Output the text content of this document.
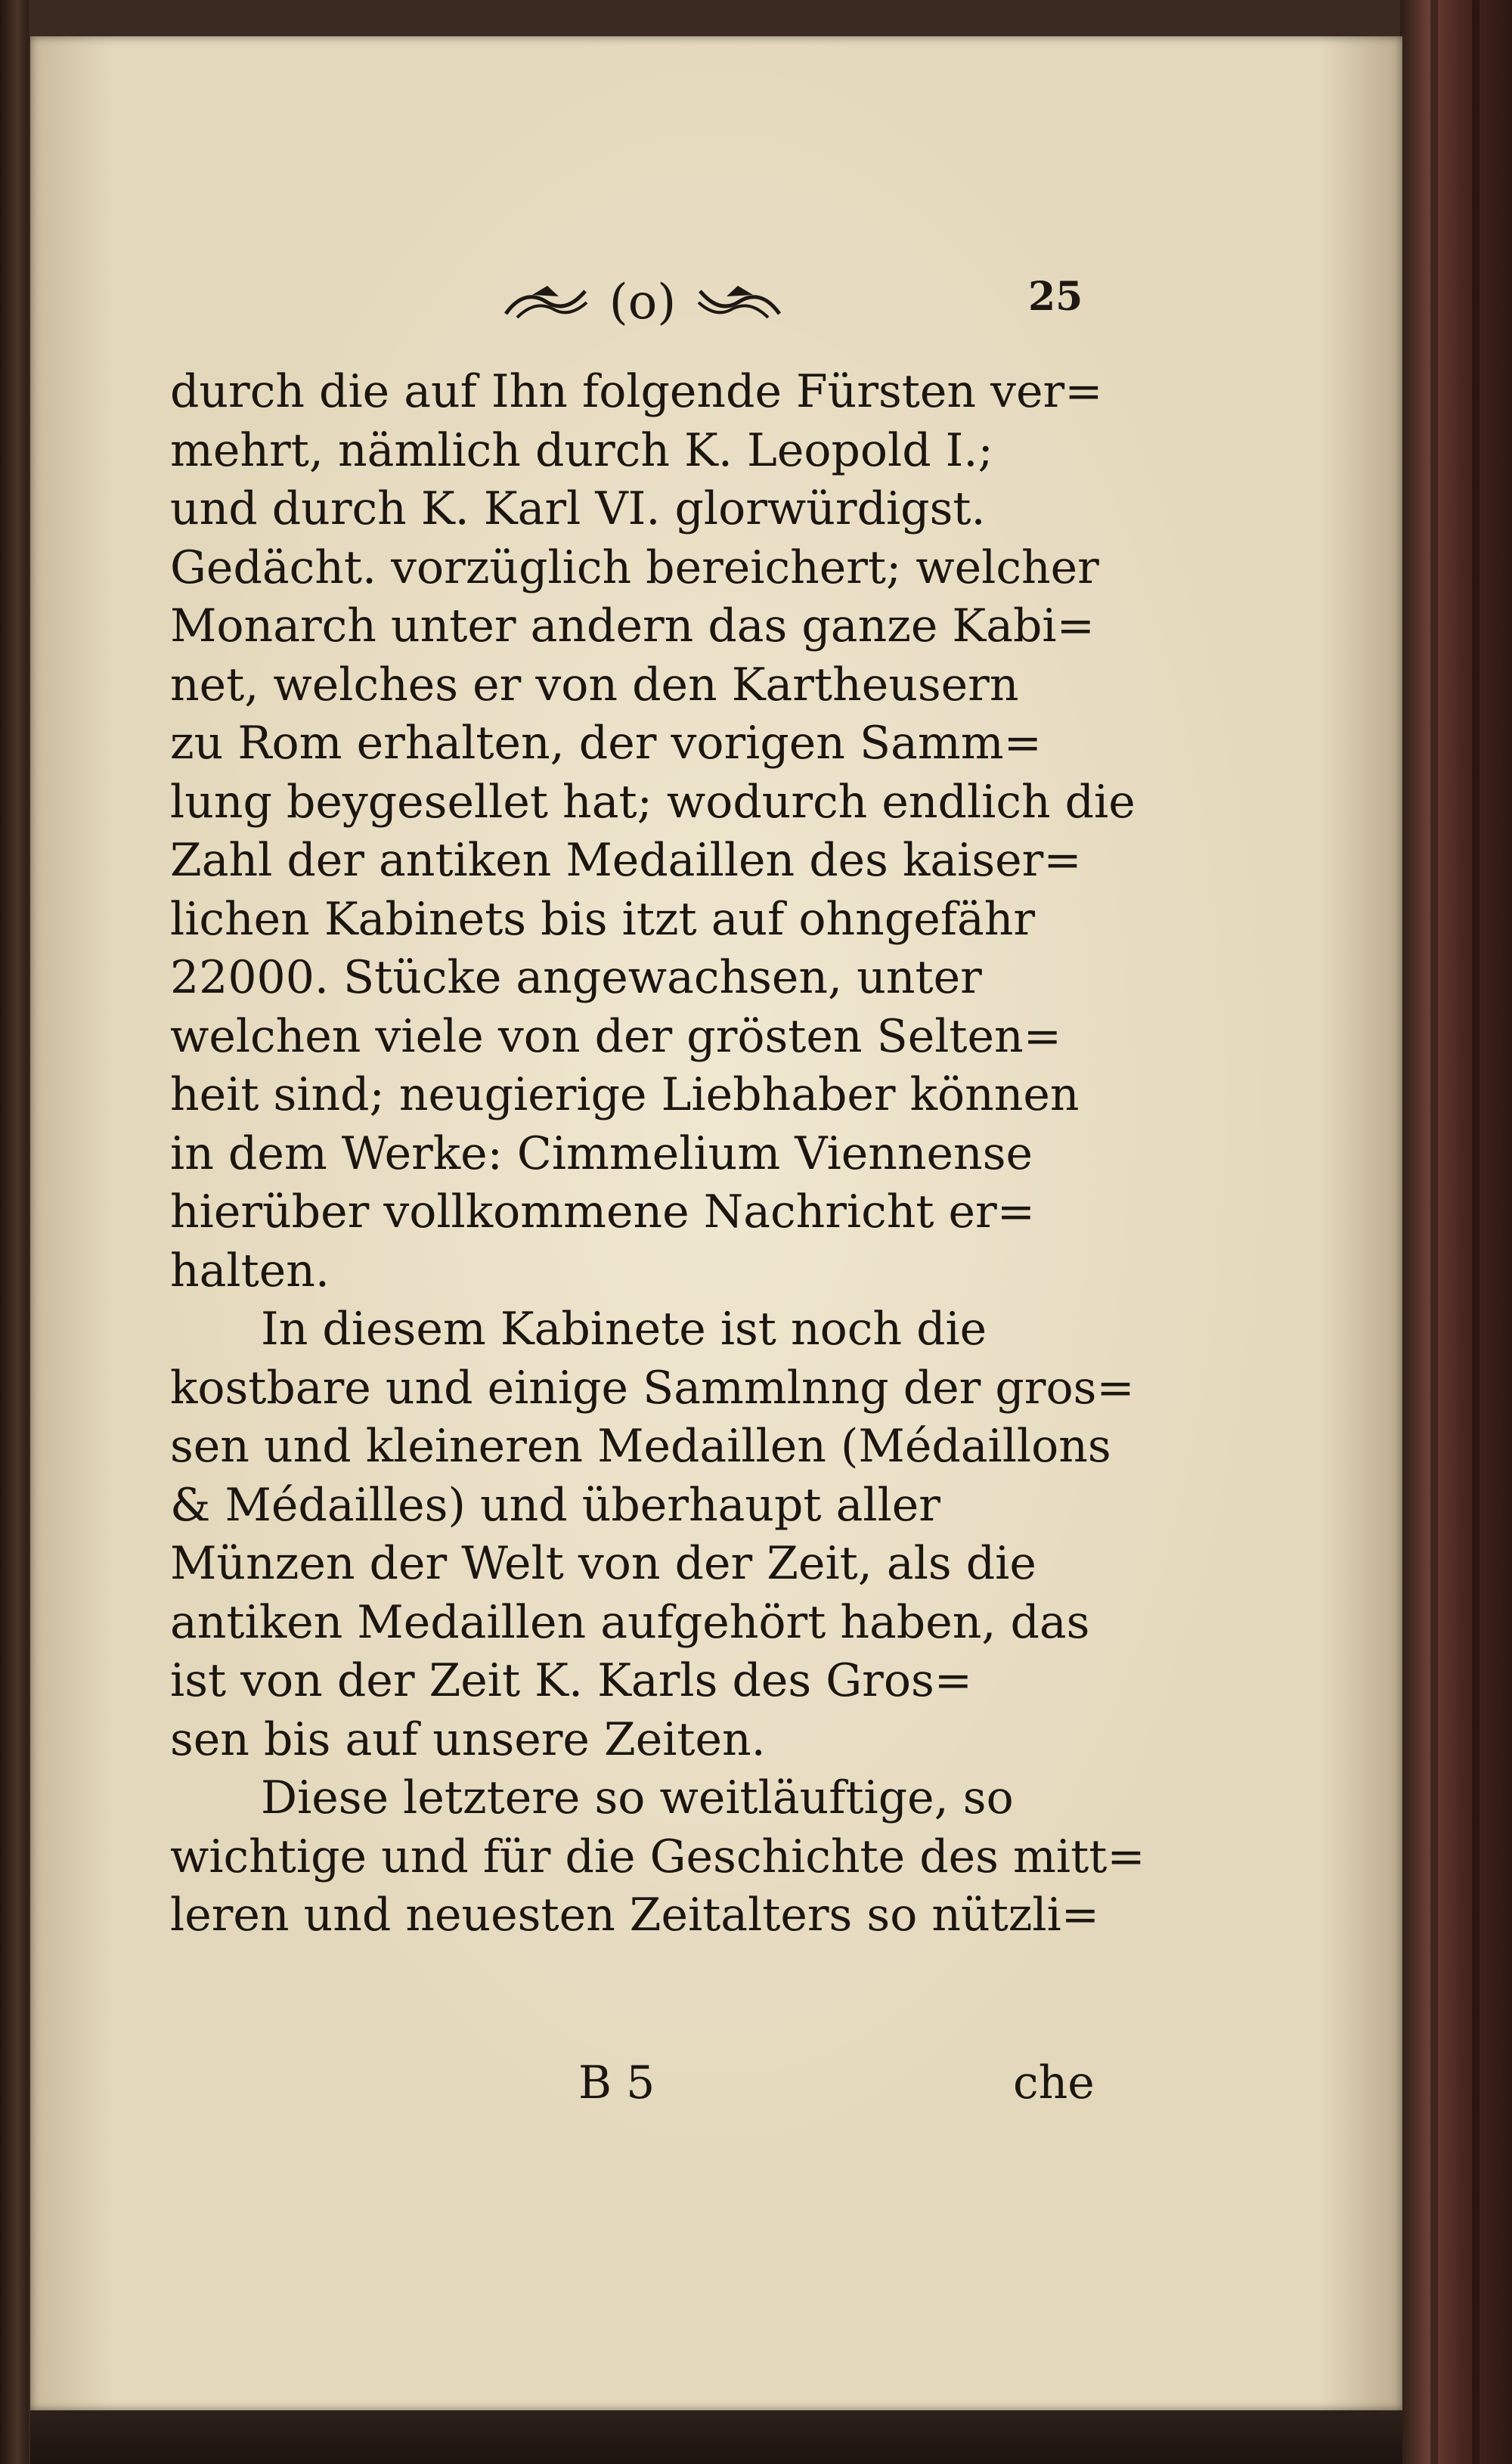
(o)	25
durch die auf Ihn folgende Fürsten ver=
mehrt, nämlich durch K. Leopold I.;
und durch K. Karl VI. glorwürdigst.
Gedächt. vorzüglich bereichert; welcher
Monarch unter andern das ganze Kabi=
net, welches er von den Kartheusern
zu Rom erhalten, der vorigen Samm=
lung beygesellet hat; wodurch endlich die
Zahl der antiken Medaillen des kaiser=
lichen Kabinets bis itzt auf ohngefähr
22000. Stücke angewachsen, unter
welchen viele von der grösten Selten=
heit sind; neugierige Liebhaber können
in dem Werke: Cimmelium Viennense
hierüber vollkommene Nachricht er=
halten.
In diesem Kabinete ist noch die
kostbare und einige Sammlnng der gros=
sen und kleineren Medaillen (Médaillons
& Médailles) und überhaupt aller
Münzen der Welt von der Zeit, als die
antiken Medaillen aufgehört haben, das
ist von der Zeit K. Karls des Gros=
sen bis auf unsere Zeiten.
Diese letztere so weitläuftige, so
wichtige und für die Geschichte des mitt=
leren und neuesten Zeitalters so nützli=
B 5	che
